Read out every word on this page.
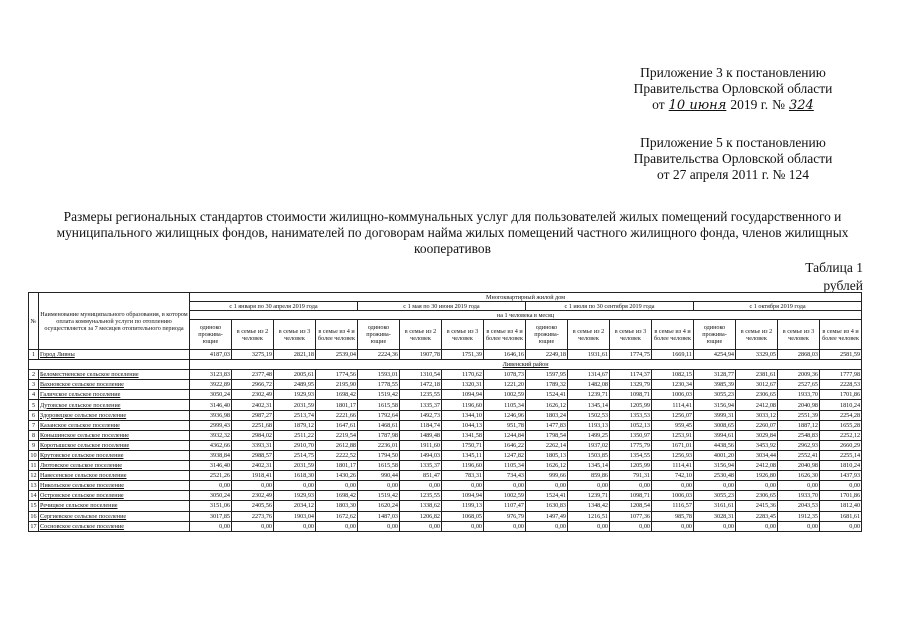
Приложение 3 к постановлению
Правительства Орловской области
от 10 июня 2019 г. № 324
Приложение 5 к постановлению
Правительства Орловской области
от 27 апреля 2011 г. № 124
Размеры региональных стандартов стоимости жилищно-коммунальных услуг для пользователей жилых помещений государственного и муниципального жилищных фондов, нанимателей по договорам найма жилых помещений частного жилищного фонда, членов жилищных кооперативов
Таблица 1
рублей
№	Наименование муниципального образования, в котором оплата коммунальной услуги по отоплению осуществляется за 7 месяцев отопительного периода	Многоквартирный жилой дом															
		с 1 января по 30 апреля 2019 года				с 1 мая по 30 июня 2019 года				с 1 июля по 30 сентября 2019 года				с 1 октября 2019 года			
		на 1 человека в месяц															
		одиноко прожива-ющие	в семье из 2 человек	в семье из 3 человек	в семье из 4 и более человек	одиноко прожива-ющие	в семье из 2 человек	в семье из 3 человек	в семье из 4 и более человек	одиноко прожива-ющие	в семье из 2 человек	в семье из 3 человек	в семье из 4 и более человек	одиноко прожива-ющие	в семье из 2 человек	в семье из 3 человек	в семье из 4 и более человек
1	Город Ливны	4187,03	3275,19	2821,18	2539,04	2224,36	1907,78	1751,39	1646,16	2249,18	1931,61	1774,75	1669,11	4254,94	3329,05	2868,03	2581,59
		Ливенский район															
2	Беломестненское сельское поселение	3123,83	2377,48	2005,61	1774,56	1593,01	1310,54	1170,62	1078,73	1597,95	1314,67	1174,37	1082,15	3128,77	2381,61	2009,36	1777,98
3	Вахновское сельское поселение	3922,89	2966,72	2489,95	2195,90	1778,55	1472,18	1320,31	1221,20	1789,32	1482,08	1329,79	1230,34	3985,39	3012,67	2527,65	2228,53
4	Галичское сельское поселение	3050,24	2302,49	1929,93	1698,42	1519,42	1235,55	1094,94	1002,59	1524,41	1239,71	1098,71	1006,03	3055,23	2306,65	1933,70	1701,86
5	Дутовское сельское поселение	3146,40	2402,31	2031,59	1801,17	1615,58	1335,37	1196,60	1105,34	1626,12	1345,14	1205,99	1114,41	3156,94	2412,08	2040,98	1810,24
6	Здоровецкое сельское поселение	3936,98	2987,27	2513,74	2221,66	1792,64	1492,73	1344,10	1246,96	1803,24	1502,53	1353,53	1256,07	3999,31	3033,12	2551,39	2254,28
7	Казанское сельское поселение	2999,43	2251,68	1879,12	1647,61	1468,61	1184,74	1044,13	951,78	1477,83	1193,13	1052,13	959,45	3008,65	2260,07	1887,12	1655,28
8	Коньшинское сельское поселение	3932,32	2984,02	2511,22	2219,54	1787,98	1489,48	1341,58	1244,84	1798,54	1499,25	1350,97	1253,91	3994,61	3029,84	2548,83	2252,12
9	Коротышское сельское поселение	4362,66	3393,31	2910,70	2612,88	2236,01	1911,60	1750,71	1646,22	2262,14	1937,02	1775,79	1671,01	4438,56	3453,92	2962,93	2660,29
10	Крутовское сельское поселение	3938,84	2988,57	2514,75	2222,52	1794,50	1494,03	1345,11	1247,82	1805,13	1503,85	1354,55	1256,93	4001,20	3034,44	2552,41	2255,14
11	Лютовское сельское поселение	3146,40	2402,31	2031,59	1801,17	1615,58	1335,37	1196,60	1105,34	1626,12	1345,14	1205,99	1114,41	3156,94	2412,08	2040,98	1810,24
12	Навесенское сельское поселение	2521,26	1918,41	1618,30	1430,26	990,44	851,47	783,31	734,43	999,66	859,86	791,31	742,10	2530,48	1926,80	1626,30	1437,93
13	Никольское сельское поселение	0,00	0,00	0,00	0,00	0,00	0,00	0,00	0,00	0,00	0,00	0,00	0,00	0,00	0,00	0,00	0,00
14	Островское сельское поселение	3050,24	2302,49	1929,93	1698,42	1519,42	1235,55	1094,94	1002,59	1524,41	1239,71	1098,71	1006,03	3055,23	2306,65	1933,70	1701,86
15	Речицкое сельское поселение	3151,06	2405,56	2034,12	1803,30	1620,24	1338,62	1199,13	1107,47	1630,83	1348,42	1208,54	1116,57	3161,61	2415,36	2043,53	1812,40
16	Сергиевское сельское поселение	3017,85	2273,76	1903,04	1672,62	1487,03	1206,82	1068,05	976,79	1497,49	1216,51	1077,36	985,78	3028,31	2283,45	1912,35	1681,61
17	Сосновское сельское поселение	0,00	0,00	0,00	0,00	0,00	0,00	0,00	0,00	0,00	0,00	0,00	0,00	0,00	0,00	0,00	0,00
